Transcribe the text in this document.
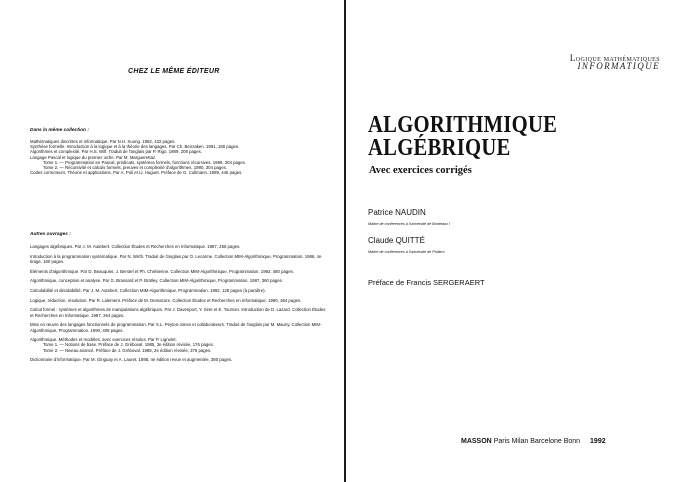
CHEZ LE MÊME ÉDITEUR
Dans la même collection :
Mathématiques discrètes et informatique. Par N.H. Xuong. 1992, 432 pages.
Synthèse formelle. Introduction à la logique et à la théorie des langages. Par Ch. Benzaken. 1991, 180 pages.
Algorithmes et complexité. Par H.S. Wilf. Traduit de l'anglais par P. Rigo. 1989, 208 pages.
Langage Pascal et logique du premier ordre. Par M. Marguerettaz.
Tome 1. — Programmation en Pascal, prédicats, systèmes formels, fonctions récursives. 1989, 304 pages.
Tome 2. — Récursivité et calculs formels, preuves et complexité d'algorithmes. 1990, 304 pages.
Codes correcteurs. Théorie et applications. Par A. Poli et Ll. Huguet. Préface de G. Cullmann. 1989, 446 pages.
Autres ouvrages :
Langages algébriques. Par J. M. Autebert. Collection Études et Recherches en Informatique. 1987, 256 pages.
Introduction à la programmation systématique. Par N. Wirth. Traduit de l'anglais par O. Lecarme. Collection MIM-Algorithmique, Programmation. 1986, 4e tirage, 160 pages.
Éléments d'algorithmique. Par D. Beauquier, J. Berstel et Ph. Chrétienne. Collection MIM-Algorithmique, Programmation. 1992, 480 pages.
Algorithmique, conception et analyse. Par G. Brassard et P. Bratley. Collection MIM-Algorithmique, Programmation. 1987, 360 pages.
Calculabilité et décidabilité. Par J. M. Autebert. Collection MIM-Algorithmique, Programmation. 1992, 128 pages (à paraître).
Logique, réduction, résolution. Par R. Lalement. Préface de M. Demazure. Collection Études et Recherches en Informatique. 1990, 384 pages.
Calcul formel : systèmes et algorithmes de manipulations algébriques. Par J. Davenport, Y. Siret et E. Tournier. Introduction de D. Lazard. Collection Études et Recherches en Informatique. 1987, 264 pages.
Mise en œuvre des langages fonctionnels de programmation. Par S.L. Peyton-Jones et collaborateurs. Traduit de l'anglais par M. Mauny. Collection MIM-Algorithmique, Programmation. 1990, 408 pages.
Algorithmique. Méthodes et modèles, avec exercices résolus. Par P. Lignelet.
Tome 1. — Notions de base. Préface de J. Gréboval. 1985, 3e édition révisée, 176 pages.
Tome 2. — Niveau avancé. Préface de J. Gréboval. 1988, 2e édition révisée, 376 pages.
Dictionnaire d'informatique. Par M. Ginguay et A. Lauret. 1988, 4e édition revue et augmentée, 380 pages.
Logique mathématiques
INFORMATIQUE
ALGORITHMIQUE
ALGÉBRIQUE
Avec exercices corrigés
Patrice NAUDIN
Maître de conférences à l'université de Bordeaux I
Claude QUITTÉ
Maître de conférences à l'université de Poitiers
Préface de Francis SERGERAERT
MASSON Paris Milan Barcelone Bonn 1992
